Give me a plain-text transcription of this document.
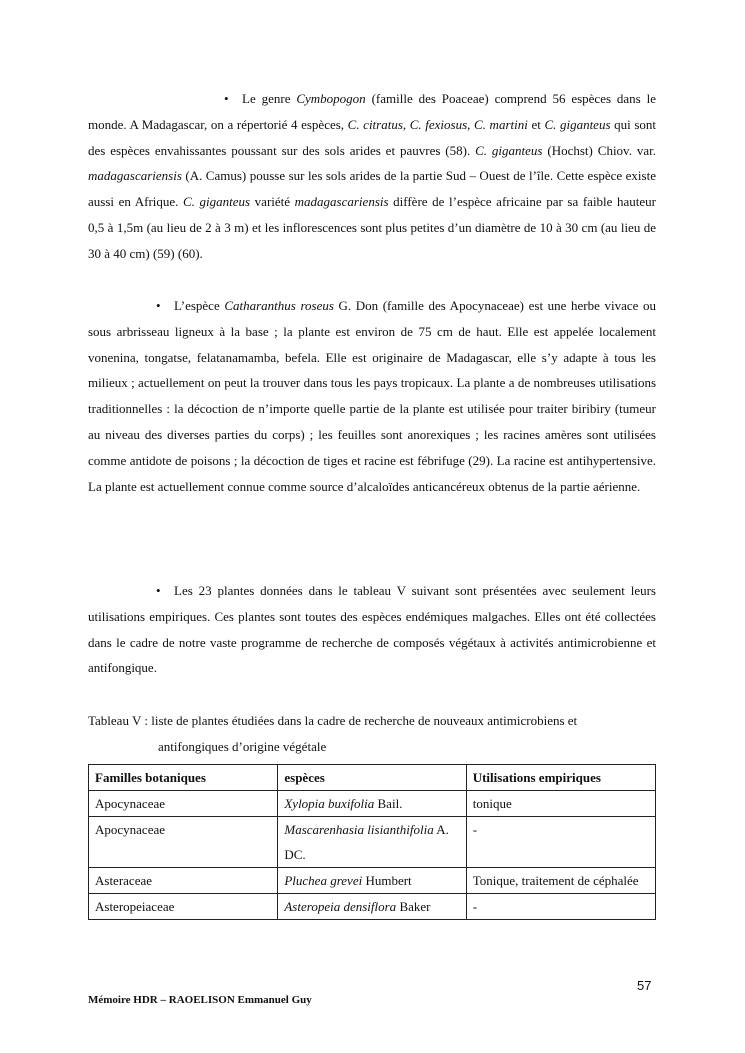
• Le genre Cymbopogon (famille des Poaceae) comprend 56 espèces dans le monde. A Madagascar, on a répertorié 4 espèces, C. citratus, C. fexiosus, C. martini et C. giganteus qui sont des espèces envahissantes poussant sur des sols arides et pauvres (58). C. giganteus (Hochst) Chiov. var. madagascariensis (A. Camus) pousse sur les sols arides de la partie Sud – Ouest de l’île. Cette espèce existe aussi en Afrique. C. giganteus variété madagascariensis diffère de l’espèce africaine par sa faible hauteur 0,5 à 1,5m (au lieu de 2 à 3 m) et les inflorescences sont plus petites d’un diamètre de 10 à 30 cm (au lieu de 30 à 40 cm) (59) (60).
• L’espèce Catharanthus roseus G. Don (famille des Apocynaceae) est une herbe vivace ou sous arbrisseau ligneux à la base ; la plante est environ de 75 cm de haut. Elle est appelée localement vonenina, tongatse, felatanamamba, befela. Elle est originaire de Madagascar, elle s’y adapte à tous les milieux ; actuellement on peut la trouver dans tous les pays tropicaux. La plante a de nombreuses utilisations traditionnelles : la décoction de n’importe quelle partie de la plante est utilisée pour traiter biribiry (tumeur au niveau des diverses parties du corps) ; les feuilles sont anorexiques ; les racines amères sont utilisées comme antidote de poisons ; la décoction de tiges et racine est fébrifuge (29). La racine est antihypertensive. La plante est actuellement connue comme source d’alcaloïdes anticancéreux obtenus de la partie aérienne.
• Les 23 plantes données dans le tableau V suivant sont présentées avec seulement leurs utilisations empiriques. Ces plantes sont toutes des espèces endémiques malgaches. Elles ont été collectées dans le cadre de notre vaste programme de recherche de composés végétaux à activités antimicrobienne et antifongique.
Tableau V : liste de plantes étudiées dans la cadre de recherche de nouveaux antimicrobiens et
antifongiques d’origine végétale
Familles botaniques	espèces	Utilisations empiriques
Apocynaceae	Xylopia buxifolia Bail.	tonique
Apocynaceae	Mascarenhasia lisianthifolia A. DC.	-
Asteraceae	Pluchea grevei Humbert	Tonique, traitement de céphalée
Asteropeiaceae	Asteropeia densiflora Baker	-
57
Mémoire HDR – RAOELISON Emmanuel Guy
